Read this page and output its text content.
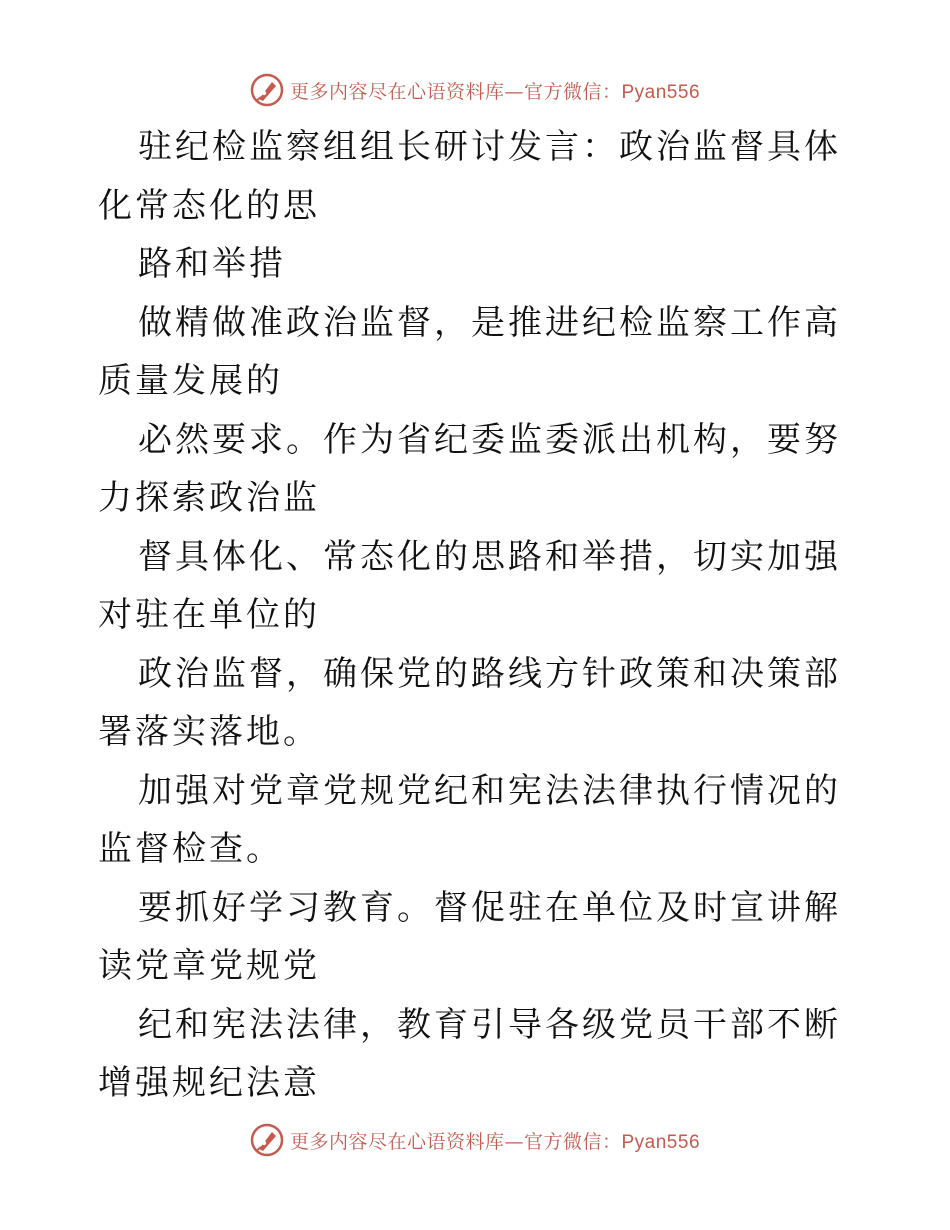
更多内容尽在心语资料库—官方微信：Pyan556

驻纪检监察组组长研讨发言：政治监督具体化常态化的思

路和举措

做精做准政治监督，是推进纪检监察工作高质量发展的

必然要求。作为省纪委监委派出机构，要努力探索政治监

督具体化、常态化的思路和举措，切实加强对驻在单位的

政治监督，确保党的路线方针政策和决策部署落实落地。

加强对党章党规党纪和宪法法律执行情况的监督检查。

要抓好学习教育。督促驻在单位及时宣讲解读党章党规党

纪和宪法法律，教育引导各级党员干部不断增强规纪法意

更多内容尽在心语资料库—官方微信：Pyan556
